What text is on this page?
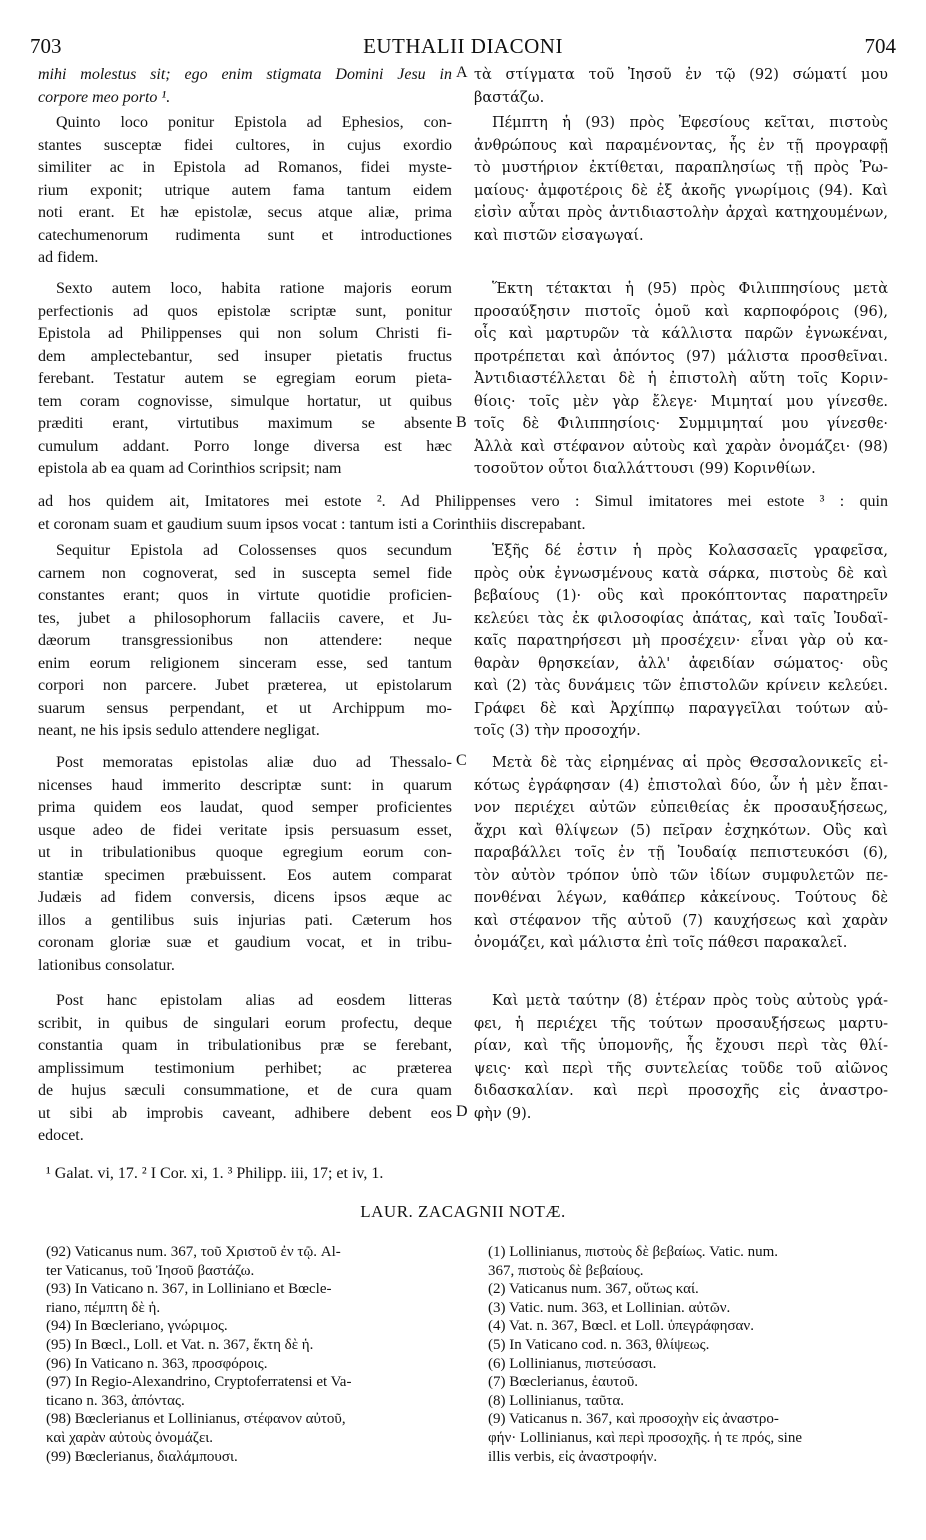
703	EUTHALII DIACONI	704
mihi molestus sit; ego enim stigmata Domini Jesu in
corpore meo porto ¹.
Quinto loco ponitur Epistola ad Ephesios, con-
stantes susceptæ fidei cultores, in cujus exordio
similiter ac in Epistola ad Romanos, fidei myste-
rium exponit; utrique autem fama tantum eidem
noti erant. Et hæ epistolæ, secus atque aliæ, prima
catechumenorum rudimenta sunt et introductiones
ad fidem.
Sexto autem loco, habita ratione majoris eorum
perfectionis ad quos epistolæ scriptæ sunt, ponitur
Epistola ad Philippenses qui non solum Christi fi-
dem amplectebantur, sed insuper pietatis fructus
ferebant. Testatur autem se egregiam eorum pieta-
tem coram cognovisse, simulque hortatur, ut quibus
præditi erant, virtutibus maximum se absente
cumulum addant. Porro longe diversa est hæc
epistola ab ea quam ad Corinthios scripsit; nam
Sequitur Epistola ad Colossenses quos secundum
carnem non cognoverat, sed in suscepta semel fide
constantes erant; quos in virtute quotidie proficien-
tes, jubet a philosophorum fallaciis cavere, et Ju-
dæorum transgressionibus non attendere: neque
enim eorum religionem sinceram esse, sed tantum
corpori non parcere. Jubet præterea, ut epistolarum
suarum sensus perpendant, et ut Archippum mo-
neant, ne his ipsis sedulo attendere negligat.
Post memoratas epistolas aliæ duo ad Thessalo-
nicenses haud immerito descriptæ sunt: in quarum
prima quidem eos laudat, quod semper proficientes
usque adeo de fidei veritate ipsis persuasum esset,
ut in tribulationibus quoque egregium eorum con-
stantiæ specimen præbuissent. Eos autem comparat
Judæis ad fidem conversis, dicens ipsos æque ac
illos a gentilibus suis injurias pati. Cæterum hos
coronam gloriæ suæ et gaudium vocat, et in tribu-
lationibus consolatur.
Post hanc epistolam alias ad eosdem litteras
scribit, in quibus de singulari eorum profectu, deque
constantia quam in tribulationibus præ se ferebant,
amplissimum testimonium perhibet; ac præterea
de hujus sæculi consummatione, et de cura quam
ut sibi ab improbis caveant, adhibere debent eos
edocet.
τὰ στίγματα τοῦ Ἰησοῦ ἐν τῷ (92) σώματί μου
βαστάζω.
Πέμπτη ἡ (93) πρὸς Ἐφεσίους κεῖται, πιστοὺς
ἀνθρώπους καὶ παραμένοντας, ἧς ἐν τῇ προγραφῇ
τὸ μυστήριον ἐκτίθεται, παραπλησίως τῇ πρὸς Ῥω-
μαίους· ἀμφοτέροις δὲ ἐξ ἀκοῆς γνωρίμοις (94). Καὶ
εἰσὶν αὗται πρὸς ἀντιδιαστολὴν ἀρχαὶ κατηχουμένων,
καὶ πιστῶν εἰσαγωγαί.
Ἕκτη τέτακται ἡ (95) πρὸς Φιλιππησίους μετὰ
προσαύξησιν πιστοῖς ὁμοῦ καὶ καρποφόροις (96),
οἷς καὶ μαρτυρῶν τὰ κάλλιστα παρῶν ἐγνωκέναι,
προτρέπεται καὶ ἀπόντος (97) μάλιστα προσθεῖναι.
Ἀντιδιαστέλλεται δὲ ἡ ἐπιστολὴ αὕτη τοῖς Κοριν-
θίοις· τοῖς μὲν γὰρ ἔλεγε· Μιμηταί μου γίνεσθε.
τοῖς δὲ Φιλιππησίοις· Συμμιμηταί μου γίνεσθε·
Ἀλλὰ καὶ στέφανον αὐτοὺς καὶ χαρὰν ὀνομάζει· (98)
τοσοῦτον οὗτοι διαλλάττουσι (99) Κορινθίων.
Ἑξῆς δέ ἐστιν ἡ πρὸς Κολασσαεῖς γραφεῖσα,
πρὸς οὐκ ἐγνωσμένους κατὰ σάρκα, πιστοὺς δὲ καὶ
βεβαίους (1)· οὓς καὶ προκόπτοντας παρατηρεῖν
κελεύει τὰς ἐκ φιλοσοφίας ἀπάτας, καὶ ταῖς Ἰουδαϊ-
καῖς παρατηρήσεσι μὴ προσέχειν· εἶναι γὰρ οὐ κα-
θαρὰν θρησκείαν, ἀλλ' ἀφειδίαν σώματος· οὓς
καὶ (2) τὰς δυνάμεις τῶν ἐπιστολῶν κρίνειν κελεύει.
Γράφει δὲ καὶ Ἀρχίππῳ παραγγεῖλαι τούτων αὐ-
τοῖς (3) τὴν προσοχήν.
Μετὰ δὲ τὰς εἰρημένας αἱ πρὸς Θεσσαλονικεῖς εἰ-
κότως ἐγράφησαν (4) ἐπιστολαὶ δύο, ὧν ἡ μὲν ἔπαι-
νον περιέχει αὐτῶν εὐπειθείας ἐκ προσαυξήσεως,
ἄχρι καὶ θλίψεων (5) πεῖραν ἐσχηκότων. Οὓς καὶ
παραβάλλει τοῖς ἐν τῇ Ἰουδαίᾳ πεπιστευκόσι (6),
τὸν αὐτὸν τρόπον ὑπὸ τῶν ἰδίων συμφυλετῶν πε-
πονθέναι λέγων, καθάπερ κἀκείνους. Τούτους δὲ
καὶ στέφανον τῆς αὐτοῦ (7) καυχήσεως καὶ χαρὰν
ὀνομάζει, καὶ μάλιστα ἐπὶ τοῖς πάθεσι παρακαλεῖ.
Καὶ μετὰ ταύτην (8) ἑτέραν πρὸς τοὺς αὐτοὺς γρά-
φει, ἡ περιέχει τῆς τούτων προσαυξήσεως μαρτυ-
ρίαν, καὶ τῆς ὑπομονῆς, ἧς ἔχουσι περὶ τὰς θλί-
ψεις· καὶ περὶ τῆς συντελείας τοῦδε τοῦ αἰῶνος
διδασκαλίαν. καὶ περὶ προσοχῆς εἰς ἀναστρο-
φὴν (9).
ad hos quidem ait, Imitatores mei estote ². Ad Philippenses vero : Simul imitatores mei estote ³ : quin
et coronam suam et gaudium suum ipsos vocat : tantum isti a Corinthiis discrepabant.
A
B
C
D
¹ Galat. vi, 17. ² I Cor. xi, 1. ³ Philipp. iii, 17; et iv, 1.
LAUR. ZACAGNII NOTÆ.
(92) Vaticanus num. 367, τοῦ Χριστοῦ ἐν τῷ. Al-
ter Vaticanus, τοῦ Ἰησοῦ βαστάζω.
(93) In Vaticano n. 367, in Lolliniano et Bœcle-
riano, πέμπτη δὲ ἡ.
(94) In Bœcleriano, γνώριμος.
(95) In Bœcl., Loll. et Vat. n. 367, ἕκτη δὲ ἡ.
(96) In Vaticano n. 363, προσφόροις.
(97) In Regio-Alexandrino, Cryptoferratensi et Va-
ticano n. 363, ἀπόντας.
(98) Bœclerianus et Lollinianus, στέφανον αὐτοῦ,
καὶ χαρὰν αὐτοὺς ὀνομάζει.
(99) Bœclerianus, διαλάμπουσι.
(1) Lollinianus, πιστοὺς δὲ βεβαίως. Vatic. num.
367, πιστοὺς δὲ βεβαίους.
(2) Vaticanus num. 367, οὕτως καί.
(3) Vatic. num. 363, et Lollinian. αὐτῶν.
(4) Vat. n. 367, Bœcl. et Loll. ὑπεγράφησαν.
(5) In Vaticano cod. n. 363, θλίψεως.
(6) Lollinianus, πιστεύσασι.
(7) Bœclerianus, ἑαυτοῦ.
(8) Lollinianus, ταῦτα.
(9) Vaticanus n. 367, καὶ προσοχὴν εἰς ἀναστρο-
φήν· Lollinianus, καὶ περὶ προσοχῆς. ἡ τε πρός, sine
illis verbis, εἰς ἀναστροφήν.
